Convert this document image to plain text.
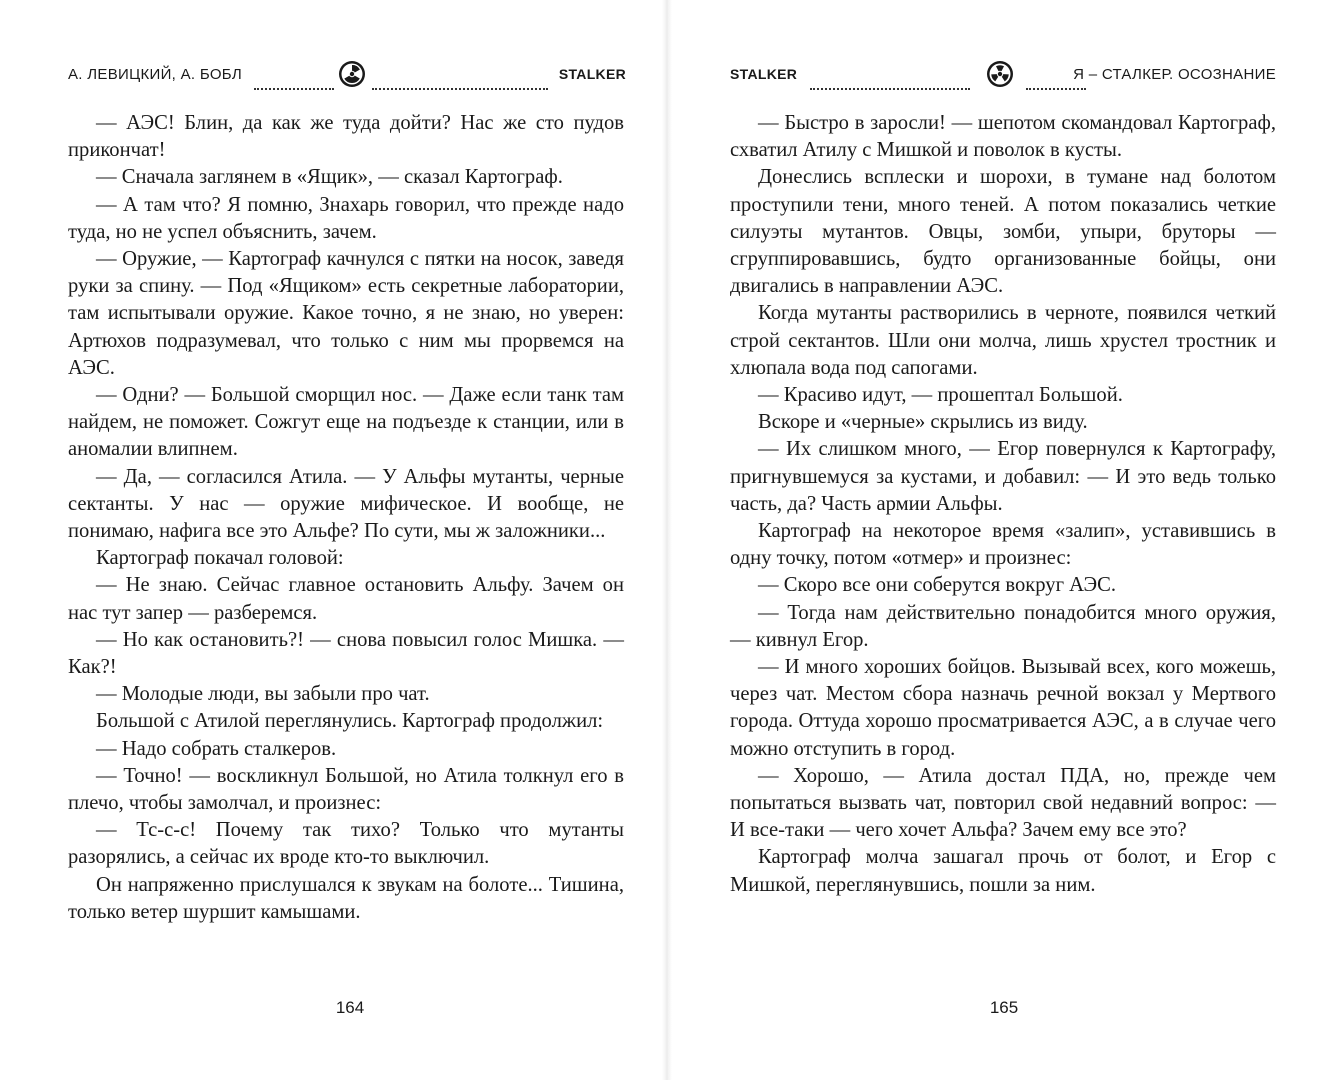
А. ЛЕВИЦКИЙ, А. БОБЛ	STALKER

— АЭС! Блин, да как же туда дойти? Нас же сто пудов прикончат!

— Сначала заглянем в «Ящик», — сказал Картограф.

— А там что? Я помню, Знахарь говорил, что прежде надо туда, но не успел объяснить, зачем.

— Оружие, — Картограф качнулся с пятки на носок, заведя руки за спину. — Под «Ящиком» есть секретные лаборатории, там испытывали оружие. Какое точно, я не знаю, но уверен: Артюхов подразумевал, что только с ним мы прорвемся на АЭС.

— Одни? — Большой сморщил нос. — Даже если танк там найдем, не поможет. Сожгут еще на подъезде к станции, или в аномалии влипнем.

— Да, — согласился Атила. — У Альфы мутанты, черные сектанты. У нас — оружие мифическое. И вообще, не понимаю, нафига все это Альфе? По сути, мы ж заложники...

Картограф покачал головой:

— Не знаю. Сейчас главное остановить Альфу. Зачем он нас тут запер — разберемся.

— Но как остановить?! — снова повысил голос Мишка. — Как?!

— Молодые люди, вы забыли про чат.

Большой с Атилой переглянулись. Картограф продолжил:

— Надо собрать сталкеров.

— Точно! — воскликнул Большой, но Атила толкнул его в плечо, чтобы замолчал, и произнес:

— Тс-с-с! Почему так тихо? Только что мутанты разорялись, а сейчас их вроде кто-то выключил.

Он напряженно прислушался к звукам на болоте... Тишина, только ветер шуршит камышами.

164
STALKER	Я – СТАЛКЕР. ОСОЗНАНИЕ

— Быстро в заросли! — шепотом скомандовал Картограф, схватил Атилу с Мишкой и поволок в кусты.

Донеслись всплески и шорохи, в тумане над болотом проступили тени, много теней. А потом показались четкие силуэты мутантов. Овцы, зомби, упыри, бруторы — сгруппировавшись, будто организованные бойцы, они двигались в направлении АЭС.

Когда мутанты растворились в черноте, появился четкий строй сектантов. Шли они молча, лишь хрустел тростник и хлюпала вода под сапогами.

— Красиво идут, — прошептал Большой.

Вскоре и «черные» скрылись из виду.

— Их слишком много, — Егор повернулся к Картографу, пригнувшемуся за кустами, и добавил: — И это ведь только часть, да? Часть армии Альфы.

Картограф на некоторое время «залип», уставившись в одну точку, потом «отмер» и произнес:

— Скоро все они соберутся вокруг АЭС.

— Тогда нам действительно понадобится много оружия, — кивнул Егор.

— И много хороших бойцов. Вызывай всех, кого можешь, через чат. Местом сбора назначь речной вокзал у Мертвого города. Оттуда хорошо просматривается АЭС, а в случае чего можно отступить в город.

— Хорошо, — Атила достал ПДА, но, прежде чем попытаться вызвать чат, повторил свой недавний вопрос: — И все-таки — чего хочет Альфа? Зачем ему все это?

Картограф молча зашагал прочь от болот, и Егор с Мишкой, переглянувшись, пошли за ним.

165
